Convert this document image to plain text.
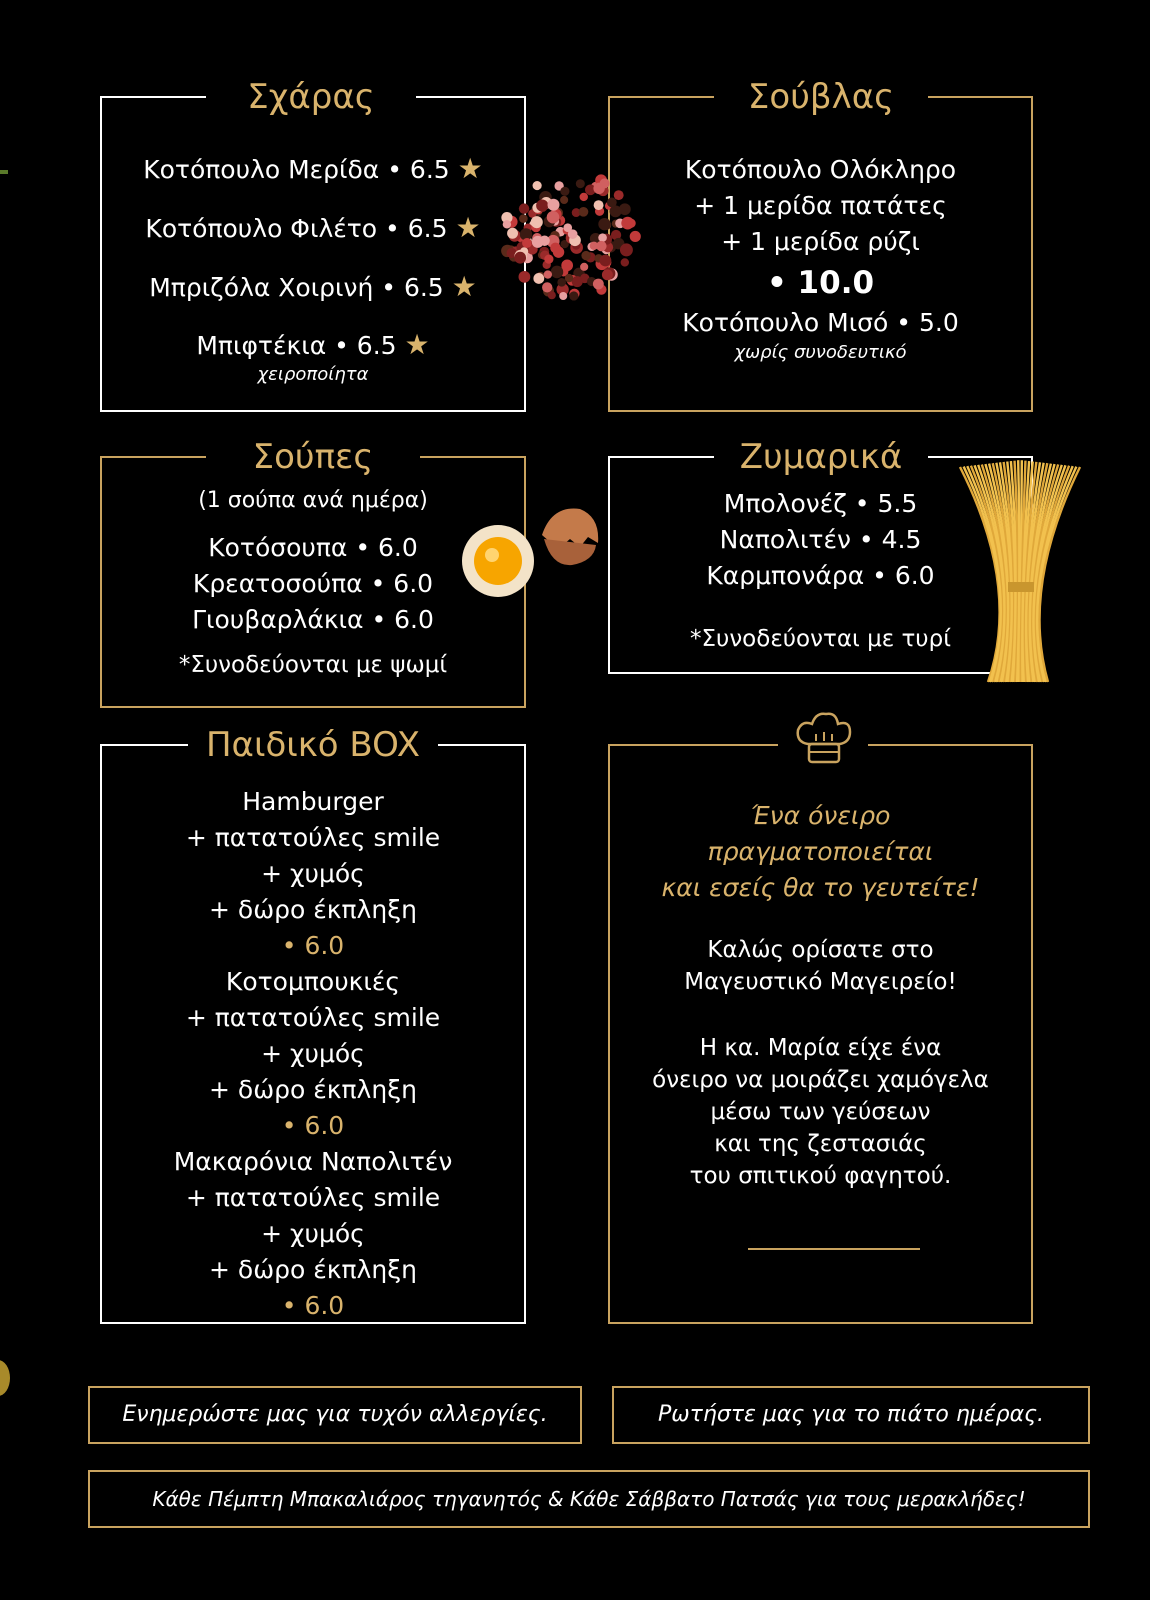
Σχάρας
Κοτόπουλο Μερίδα • 6.5 ★
Κοτόπουλο Φιλέτο • 6.5 ★
Μπριζόλα Χοιρινή • 6.5 ★
Μπιφτέκια • 6.5 ★
χειροποίητα
Σούβλας
Κοτόπουλο Ολόκληρο
+ 1 μερίδα πατάτες
+ 1 μερίδα ρύζι
• 10.0
Κοτόπουλο Μισό • 5.0
χωρίς συνοδευτικό
Σούπες
(1 σούπα ανά ημέρα)
Κοτόσουπα • 6.0
Κρεατοσούπα • 6.0
Γιουβαρλάκια • 6.0
*Συνοδεύονται με ψωμί
Ζυμαρικά
Μπολονέζ • 5.5
Ναπολιτέν • 4.5
Καρμπονάρα • 6.0
*Συνοδεύονται με τυρί
Παιδικό BOX
Hamburger
+ πατατούλες smile
+ χυμός
+ δώρο έκπληξη
• 6.0
Κοτομπουκιές
+ πατατούλες smile
+ χυμός
+ δώρο έκπληξη
• 6.0
Μακαρόνια Ναπολιτέν
+ πατατούλες smile
+ χυμός
+ δώρο έκπληξη
• 6.0
Ένα όνειρο
πραγματοποιείται
και εσείς θα το γευτείτε!
Καλώς ορίσατε στο
Μαγευστικό Μαγειρείο!
Η κα. Μαρία είχε ένα
όνειρο να μοιράζει χαμόγελα
μέσω των γεύσεων
και της ζεστασιάς
του σπιτικού φαγητού.
Ενημερώστε μας για τυχόν αλλεργίες.	Ρωτήστε μας για το πιάτο ημέρας.
Κάθε Πέμπτη Μπακαλιάρος τηγανητός & Κάθε Σάββατο Πατσάς για τους μερακλήδες!
